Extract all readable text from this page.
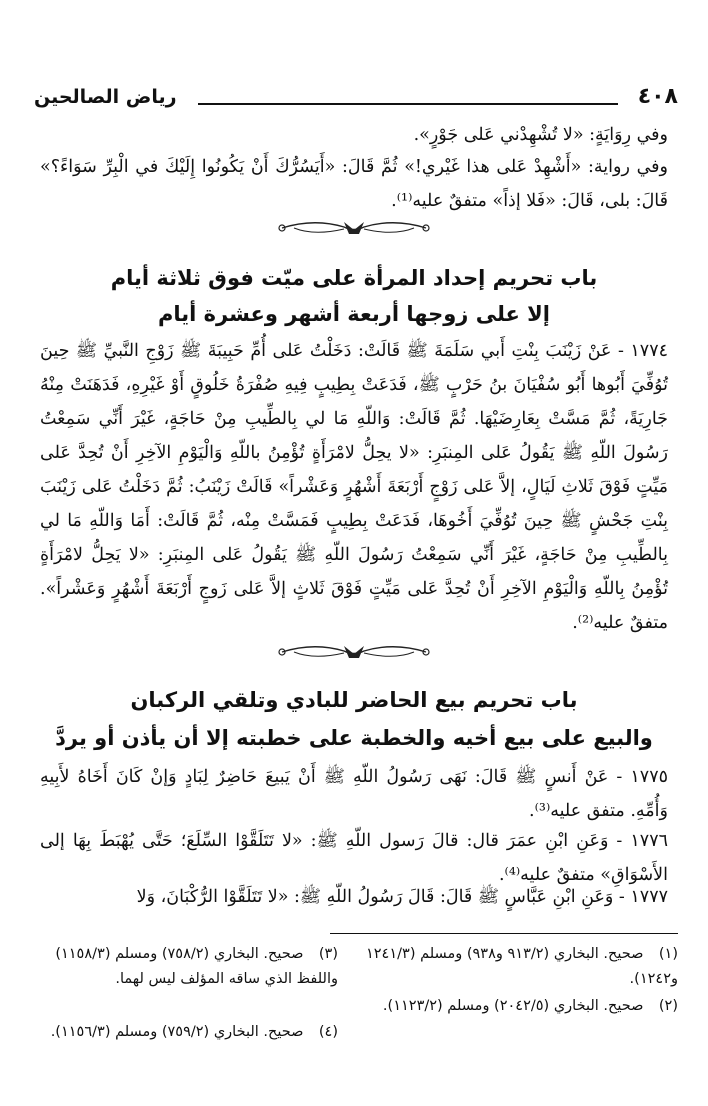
٤٠٨
رياض الصالحين
وفي رِوَايَةٍ: «لا تُشْهِدْني عَلى جَوْرٍ».
وفي رواية: «أَشْهِدْ عَلى هذا غَيْري!» ثُمَّ قَالَ: «أَيَسُرُّكَ أَنْ يَكُونُوا إِلَيْكَ في الْبِرِّ سَوَاءً؟» قَالَ: بلى، قَالَ: «فَلا إذاً» متفقٌ عليه⁽¹⁾.
باب تحريم إحداد المرأة على ميّت فوق ثلاثة أيام
إلا على زوجها أربعة أشهر وعشرة أيام
١٧٧٤ - عَنْ زَيْنَبَ بِنْتِ أَبي سَلَمَةَ ﷺ قَالَتْ: دَخَلْتُ عَلى أُمِّ حَبِيبَةَ ﷺ زَوْجِ النَّبيِّ ﷺ حِينَ تُوُفِّيَ أَبُوها أَبُو سُفْيَانَ بنُ حَرْبٍ ﷺ، فَدَعَتْ بِطِيبٍ فِيهِ صُفْرَةُ خَلُوقٍ أَوْ غَيْرِهِ، فَدَهَنَتْ مِنْهُ جَارِيَةً، ثُمَّ مَسَّتْ بِعَارِضَيْهَا. ثُمَّ قَالَتْ: وَاللّهِ مَا لي بِالطِّيبِ مِنْ حَاجَةٍ، غَيْرَ أَنِّي سَمِعْتُ رَسُولَ اللّهِ ﷺ يَقُولُ عَلى المِنبَرِ: «لا يحِلُّ لامْرَأَةٍ تُؤْمِنُ باللّهِ وَالْيَوْمِ الآخِرِ أَنْ تُحِدَّ عَلى مَيِّتٍ فَوْقَ ثَلاثِ لَيَالٍ، إلاَّ عَلى زَوْجٍ أَرْبَعَةَ أَشْهُرٍ وَعَشْراً» قَالَتْ زَيْنَبُ: ثُمَّ دَخَلْتُ عَلى زَيْنَبَ بِنْتِ جَحْشٍ ﷺ حِينَ تُوُفِّيَ أَخُوهَا، فَدَعَتْ بِطِيبٍ فَمَسَّتْ مِنْه، ثُمَّ قَالَتْ: أَمَا وَاللّهِ مَا لي بِالطِّيبِ مِنْ حَاجَةٍ، غَيْرَ أَنِّي سَمِعْتُ رَسُولَ اللّهِ ﷺ يَقُولُ عَلى المِنبَرِ: «لا يَحِلُّ لامْرَأَةٍ تُؤْمِنُ بِاللّهِ وَالْيَوْمِ الآخِرِ أَنْ تُحِدَّ عَلى مَيِّتٍ فَوْقَ ثَلاثٍ إلاَّ عَلى زَوجٍ أَرْبَعَةَ أَشْهُرٍ وَعَشْراً». متفقٌ عليه⁽²⁾.
باب تحريم بيع الحاضر للبادي وتلقي الركبان
والبيع على بيع أخيه والخطبة على خطبته إلا أن يأذن أو يردَّ
١٧٧٥ - عَنْ أَنسٍ ﷺ قَالَ: نَهَى رَسُولُ اللّهِ ﷺ أَنْ يَبيعَ حَاضِرٌ لِبَادٍ وَإنْ كَانَ أَخَاهُ لأَبِيهِ وَأُمِّهِ. متفق عليه⁽³⁾.
١٧٧٦ - وَعَنِ ابْنِ عمَرَ قال: قالَ رَسول اللّهِ ﷺ: «لا تَتَلَقَّوْا السِّلَعَ؛ حَتَّى يُهْبَطَ بِهَا إلى الأَسْوَاقِ» متفقٌ عليه⁽⁴⁾.
١٧٧٧ - وَعَنِ ابْنِ عَبَّاسٍ ﷺ قَالَ: قَالَ رَسُولُ اللّهِ ﷺ: «لا تَتَلَقَّوْا الرُّكْبَانَ، وَلا
(١) صحيح. البخاري (٩١٣/٢ و٩٣٨) ومسلم (١٢٤١/٣ و١٢٤٢).
(٢) صحيح. البخاري (٢٠٤٢/٥) ومسلم (١١٢٣/٢).
(٣) صحيح. البخاري (٧٥٨/٢) ومسلم (١١٥٨/٣) واللفظ الذي ساقه المؤلف ليس لهما.
(٤) صحيح. البخاري (٧٥٩/٢) ومسلم (١١٥٦/٣).
